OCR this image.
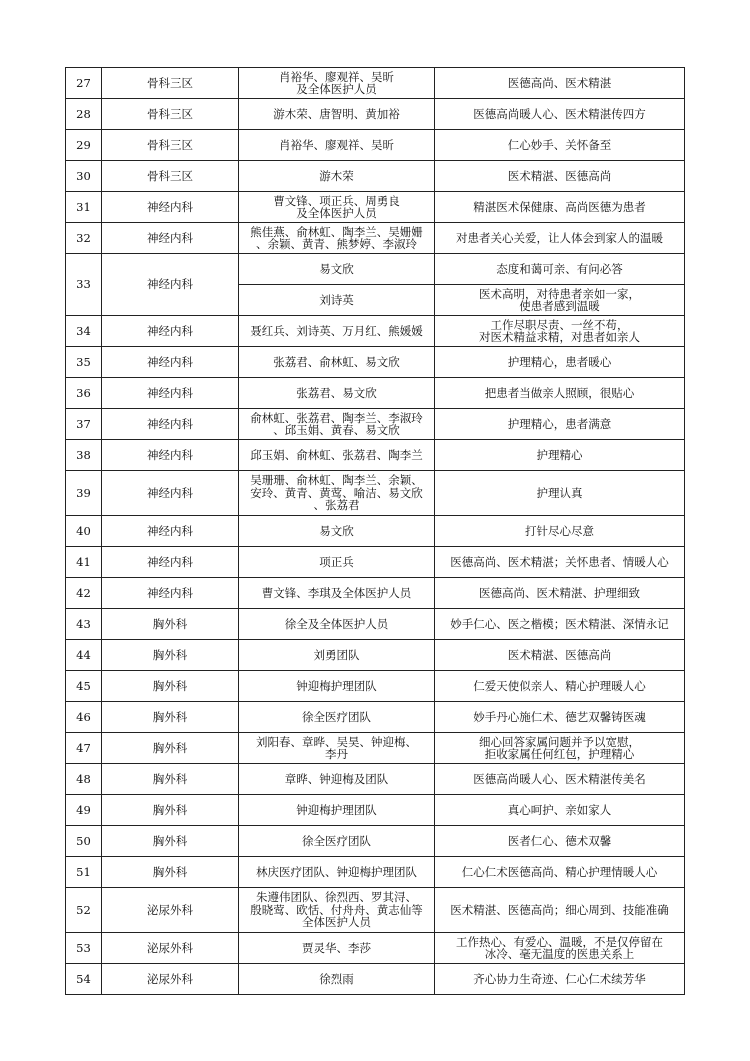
27	骨科三区	肖裕华、廖观祥、吴昕
及全体医护人员	医德高尚、医术精湛

28	骨科三区	游木荣、唐智明、黄加裕	医德高尚暖人心、医术精湛传四方

29	骨科三区	肖裕华、廖观祥、吴昕	仁心妙手、关怀备至

30	骨科三区	游木荣	医术精湛、医德高尚

31	神经内科	曹文锋、项正兵、周勇良
及全体医护人员	精湛医术保健康、高尚医德为患者

32	神经内科	熊佳燕、俞林虹、陶李兰、吴姗姗
、余颖、黄青、熊梦婷、李淑玲	对患者关心关爱，让人体会到家人的温暖

33	神经内科	易文欣	态度和蔼可亲、有问必答

		刘诗英	医术高明，对待患者亲如一家，
使患者感到温暖

34	神经内科	聂红兵、刘诗英、万月红、熊媛媛	工作尽职尽责、一丝不苟，
对医术精益求精，对患者如亲人

35	神经内科	张荔君、俞林虹、易文欣	护理精心，患者暖心

36	神经内科	张荔君、易文欣	把患者当做亲人照顾，很贴心

37	神经内科	俞林虹、张荔君、陶李兰、李淑玲
、邱玉娟、黄春、易文欣	护理精心，患者满意

38	神经内科	邱玉娟、俞林虹、张荔君、陶李兰	护理精心

39	神经内科	吴珊珊、俞林虹、陶李兰、余颖、
安玲、黄青、黄莺、喻洁、易文欣
、张荔君	护理认真

40	神经内科	易文欣	打针尽心尽意

41	神经内科	项正兵	医德高尚、医术精湛；关怀患者、情暖人心

42	神经内科	曹文锋、李琪及全体医护人员	医德高尚、医术精湛、护理细致

43	胸外科	徐全及全体医护人员	妙手仁心、医之楷模；医术精湛、深情永记

44	胸外科	刘勇团队	医术精湛、医德高尚

45	胸外科	钟迎梅护理团队	仁爱天使似亲人、精心护理暖人心

46	胸外科	徐全医疗团队	妙手丹心施仁术、德艺双馨铸医魂

47	胸外科	刘阳春、章晔、吴昊、钟迎梅、
李丹	细心回答家属问题并予以宽慰，
拒收家属任何红包，护理精心

48	胸外科	章晔、钟迎梅及团队	医德高尚暖人心、医术精湛传美名

49	胸外科	钟迎梅护理团队	真心呵护、亲如家人

50	胸外科	徐全医疗团队	医者仁心、德术双馨

51	胸外科	林庆医疗团队、钟迎梅护理团队	仁心仁术医德高尚、精心护理情暖人心

52	泌尿外科	朱遵伟团队、徐烈西、罗其浔、
殷晓莺、欧恬、付舟舟、黄志仙等
全体医护人员	医术精湛、医德高尚；细心周到、技能准确

53	泌尿外科	贾灵华、李莎	工作热心、有爱心、温暖，不是仅停留在
冰冷、毫无温度的医患关系上

54	泌尿外科	徐烈雨	齐心协力生奇迹、仁心仁术续芳华
